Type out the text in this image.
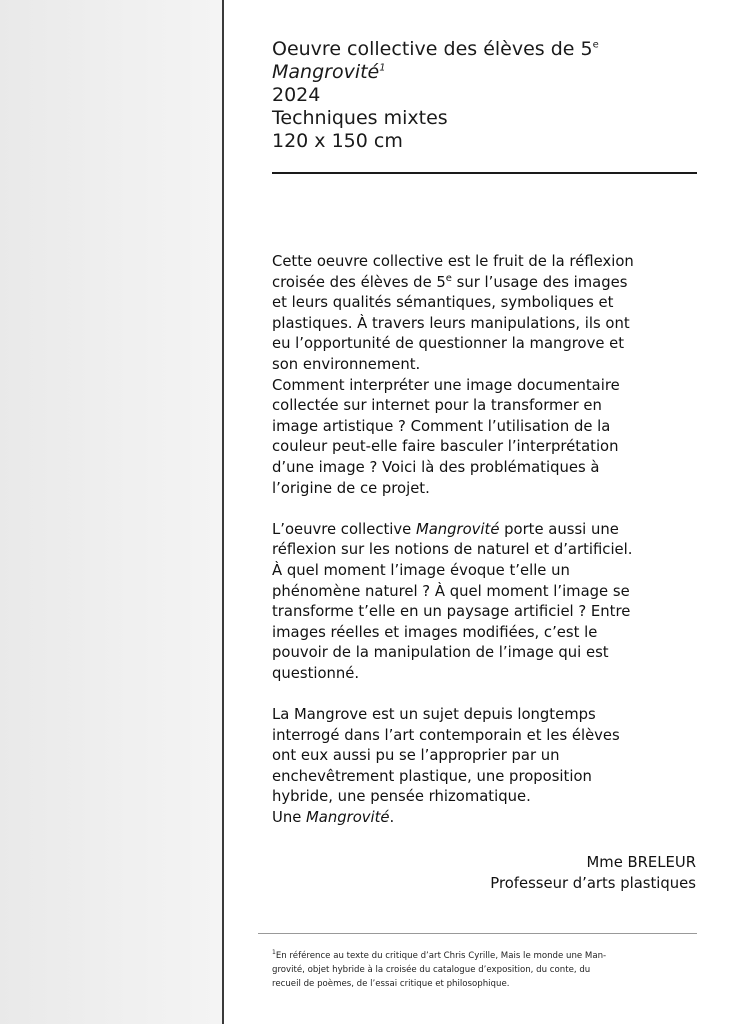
Oeuvre collective des élèves de 5e
Mangrovité$^1$
2024
Techniques mixtes
120 x 150 cm
Cette oeuvre collective est le fruit de la réflexion
croisée des élèves de 5e sur l’usage des images
et leurs qualités sémantiques, symboliques et
plastiques. À travers leurs manipulations, ils ont
eu l’opportunité de questionner la mangrove et
son environnement.
Comment interpréter une image documentaire
collectée sur internet pour la transformer en
image artistique ? Comment l’utilisation de la
couleur peut-elle faire basculer l’interprétation
d’une image ? Voici là des problématiques à
l’origine de ce projet.
L’oeuvre collective Mangrovité porte aussi une
réflexion sur les notions de naturel et d’artificiel.
À quel moment l’image évoque t’elle un
phénomène naturel ? À quel moment l’image se
transforme t’elle en un paysage artificiel ? Entre
images réelles et images modifiées, c’est le
pouvoir de la manipulation de l’image qui est
questionné.
La Mangrove est un sujet depuis longtemps
interrogé dans l’art contemporain et les élèves
ont eux aussi pu se l’approprier par un
enchevêtrement plastique, une proposition
hybride, une pensée rhizomatique.
Une Mangrovité.
Mme BRELEUR
Professeur d’arts plastiques
$^1$En référence au texte du critique d’art Chris Cyrille, Mais le monde une Man-
grovité, objet hybride à la croisée du catalogue d’exposition, du conte, du
recueil de poèmes, de l’essai critique et philosophique.
